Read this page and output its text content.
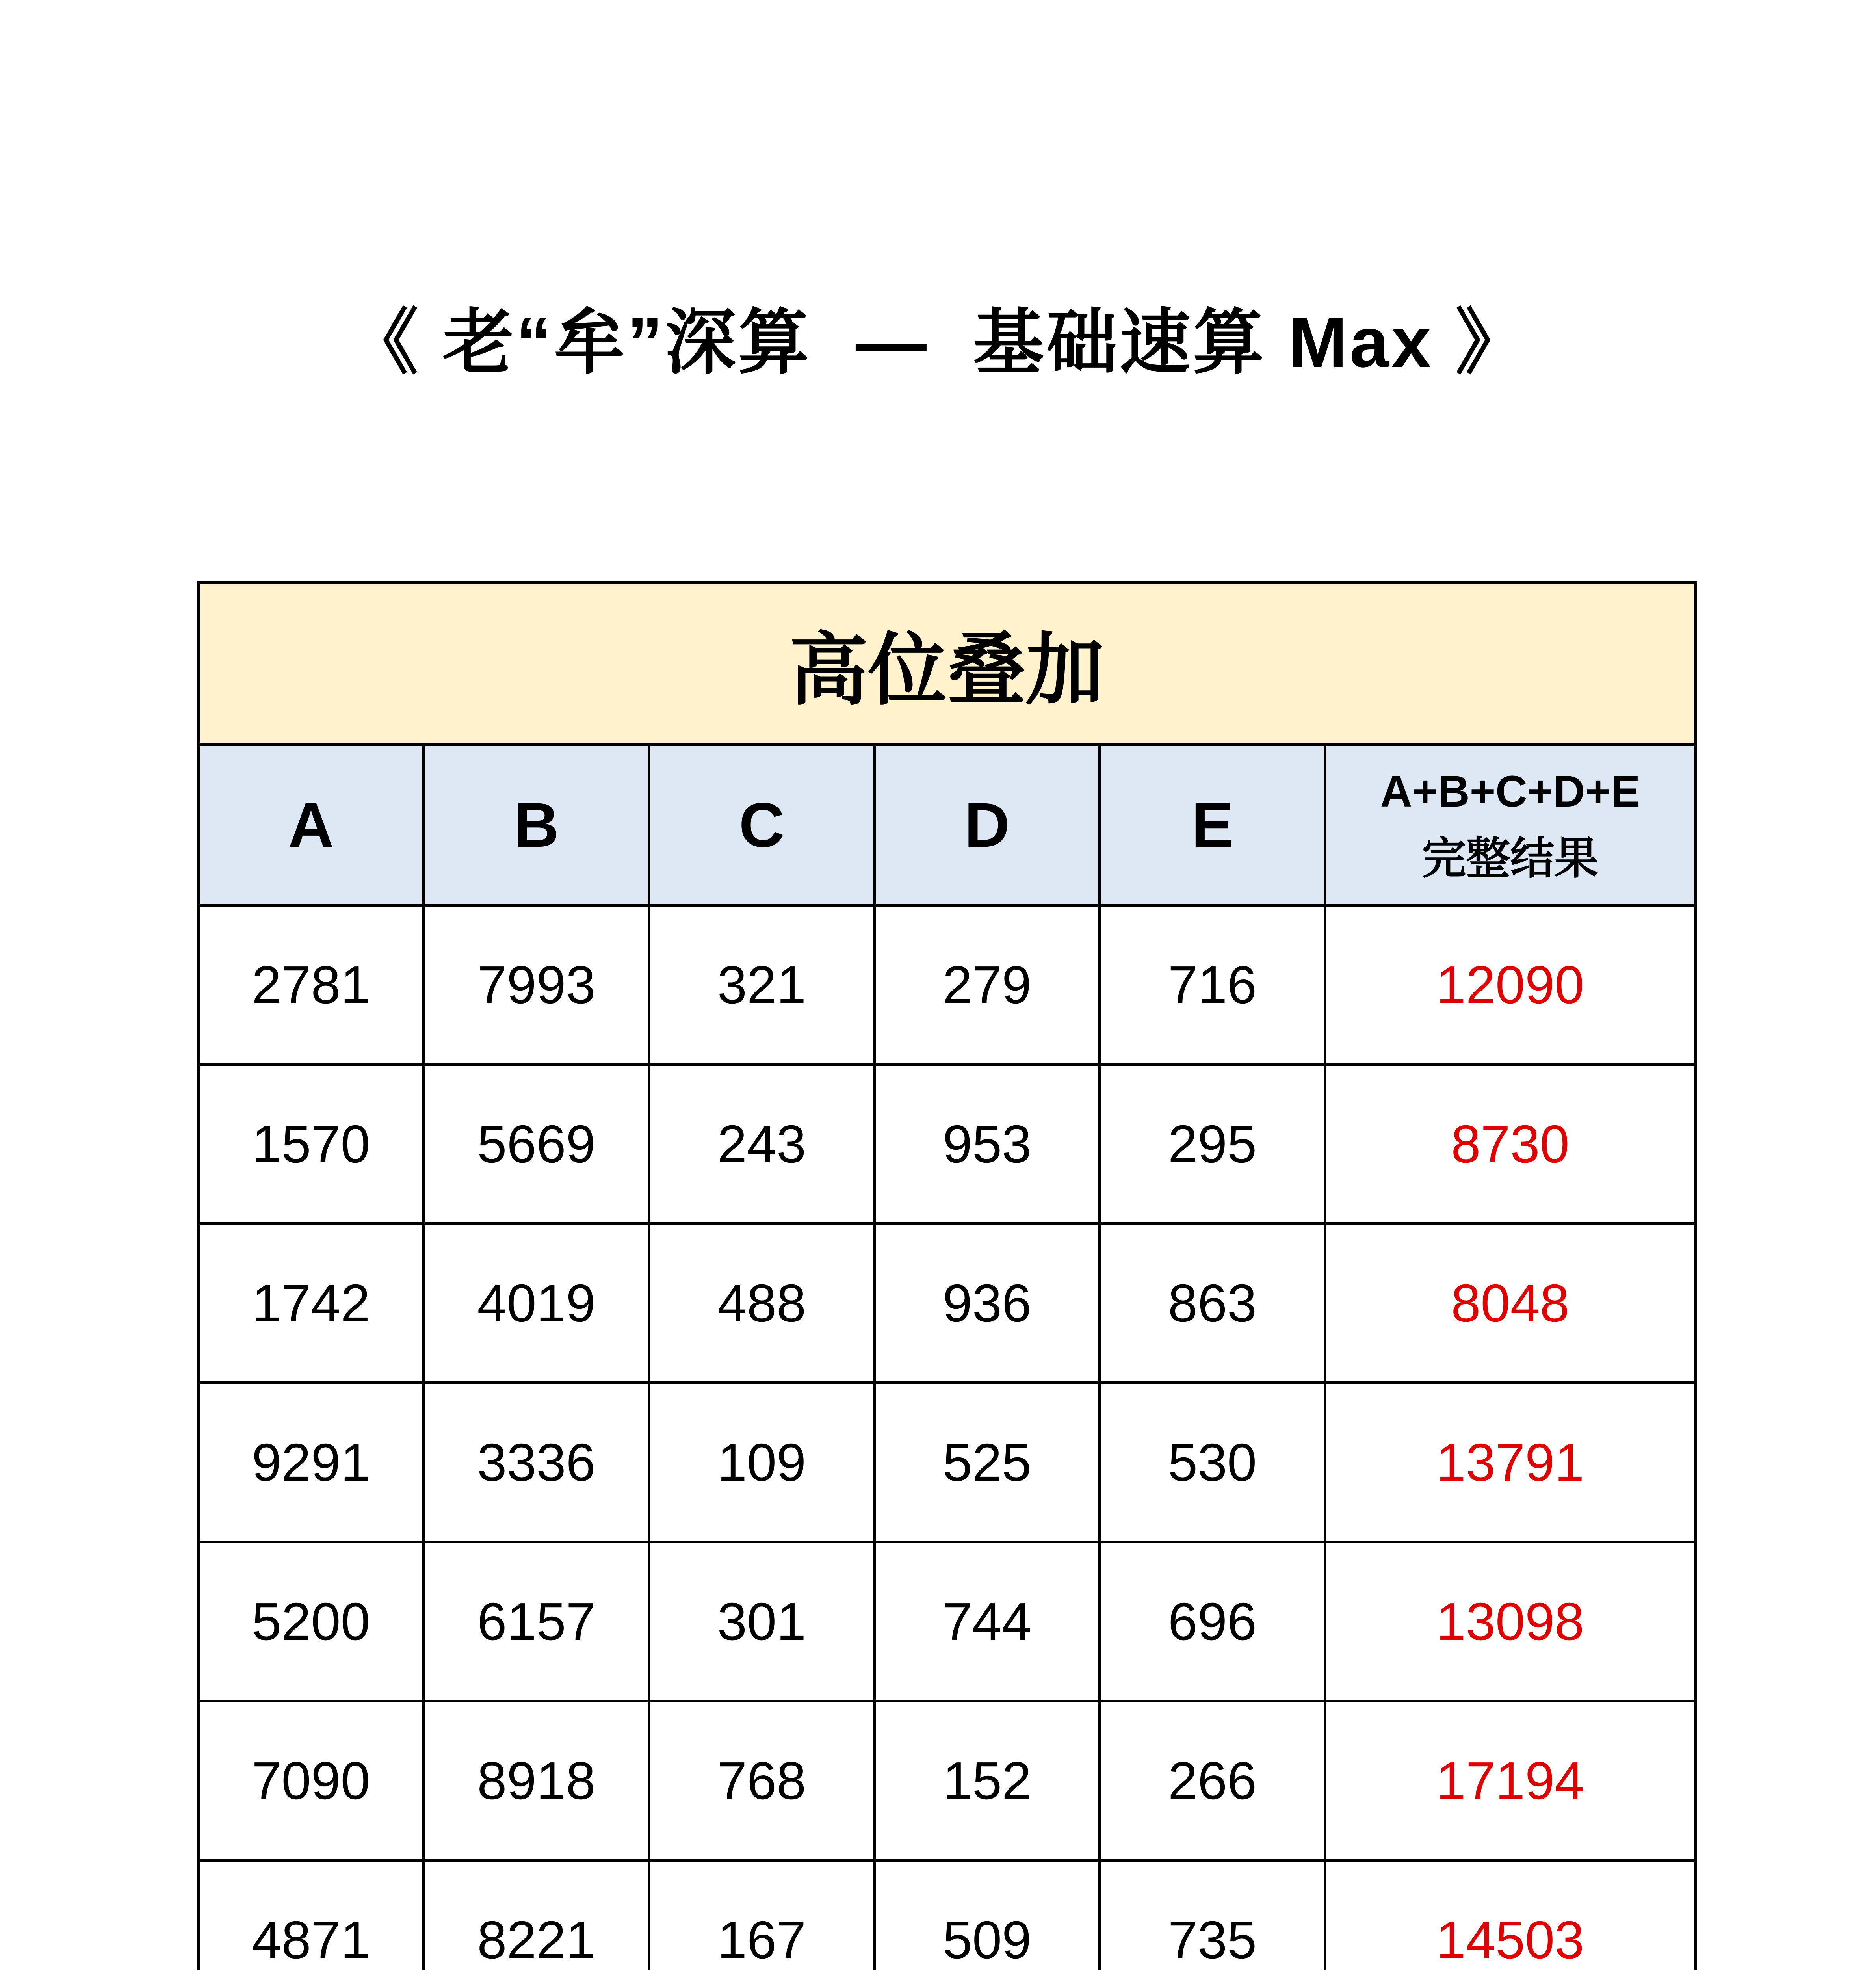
《 老“牟”深算  —  基础速算 Max 》
高位叠加					
A	B	C	D	E	A+B+C+D+E
完整结果

2781	7993	321	279	716	12090
1570	5669	243	953	295	8730
1742	4019	488	936	863	8048
9291	3336	109	525	530	13791
5200	6157	301	744	696	13098
7090	8918	768	152	266	17194
4871	8221	167	509	735	14503
